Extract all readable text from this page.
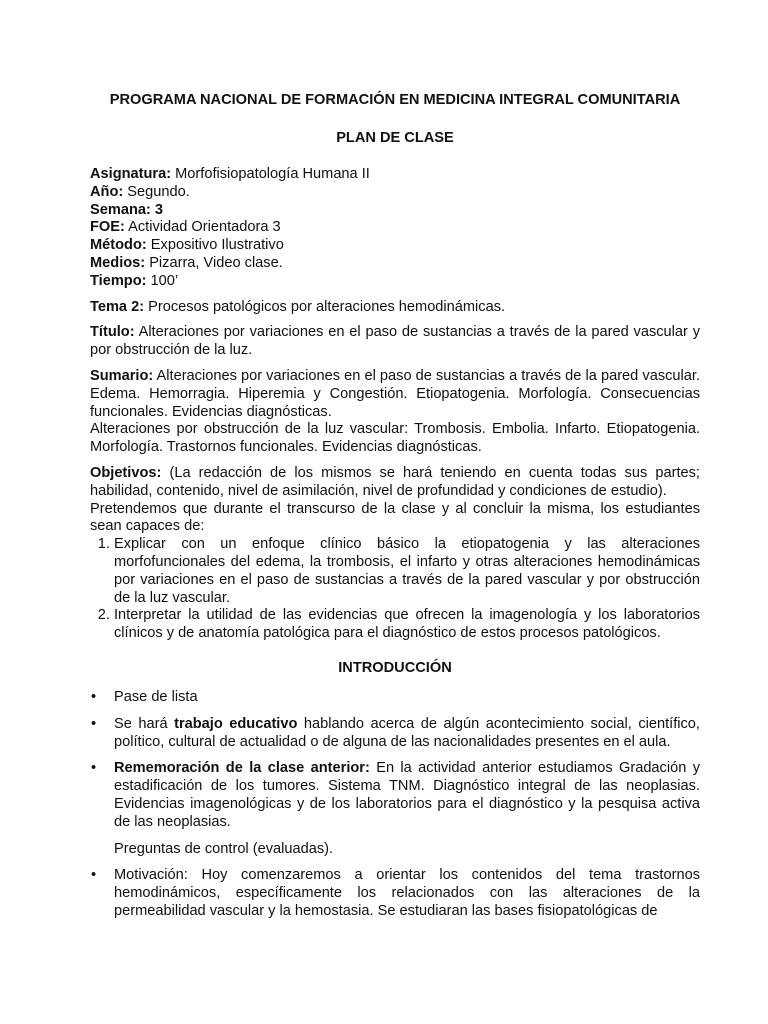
PROGRAMA NACIONAL DE FORMACIÓN EN MEDICINA INTEGRAL COMUNITARIA
PLAN DE CLASE
Asignatura: Morfofisiopatología Humana II
Año: Segundo.
Semana: 3
FOE: Actividad Orientadora 3
Método: Expositivo Ilustrativo
Medios: Pizarra, Video clase.
Tiempo: 100’
Tema 2: Procesos patológicos por alteraciones hemodinámicas.
Título: Alteraciones por variaciones en el paso de sustancias a través de la pared vascular y por obstrucción de la luz.
Sumario: Alteraciones por variaciones en el paso de sustancias a través de la pared vascular. Edema. Hemorragia. Hiperemia y Congestión. Etiopatogenia. Morfología. Consecuencias funcionales. Evidencias diagnósticas.
Alteraciones por obstrucción de la luz vascular: Trombosis. Embolia. Infarto. Etiopatogenia. Morfología. Trastornos funcionales. Evidencias diagnósticas.
Objetivos: (La redacción de los mismos se hará teniendo en cuenta todas sus partes; habilidad, contenido, nivel de asimilación, nivel de profundidad y condiciones de estudio).
Pretendemos que durante el transcurso de la clase y al concluir la misma, los estudiantes sean capaces de:
1. Explicar con un enfoque clínico básico la etiopatogenia y las alteraciones morfofuncionales del edema, la trombosis, el infarto y otras alteraciones hemodinámicas por variaciones en el paso de sustancias a través de la pared vascular y por obstrucción de la luz vascular.
2. Interpretar la utilidad de las evidencias que ofrecen la imagenología y los laboratorios clínicos y de anatomía patológica para el diagnóstico de estos procesos patológicos.
INTRODUCCIÓN
• Pase de lista
• Se hará trabajo educativo hablando acerca de algún acontecimiento social, científico, político, cultural de actualidad o de alguna de las nacionalidades presentes en el aula.
• Rememoración de la clase anterior: En la actividad anterior estudiamos Gradación y estadificación de los tumores. Sistema TNM. Diagnóstico integral de las neoplasias. Evidencias imagenológicas y de los laboratorios para el diagnóstico y la pesquisa activa de las neoplasias.
Preguntas de control (evaluadas).
• Motivación: Hoy comenzaremos a orientar los contenidos del tema trastornos hemodinámicos, específicamente los relacionados con las alteraciones de la permeabilidad vascular y la hemostasia. Se estudiaran las bases fisiopatológicas de
